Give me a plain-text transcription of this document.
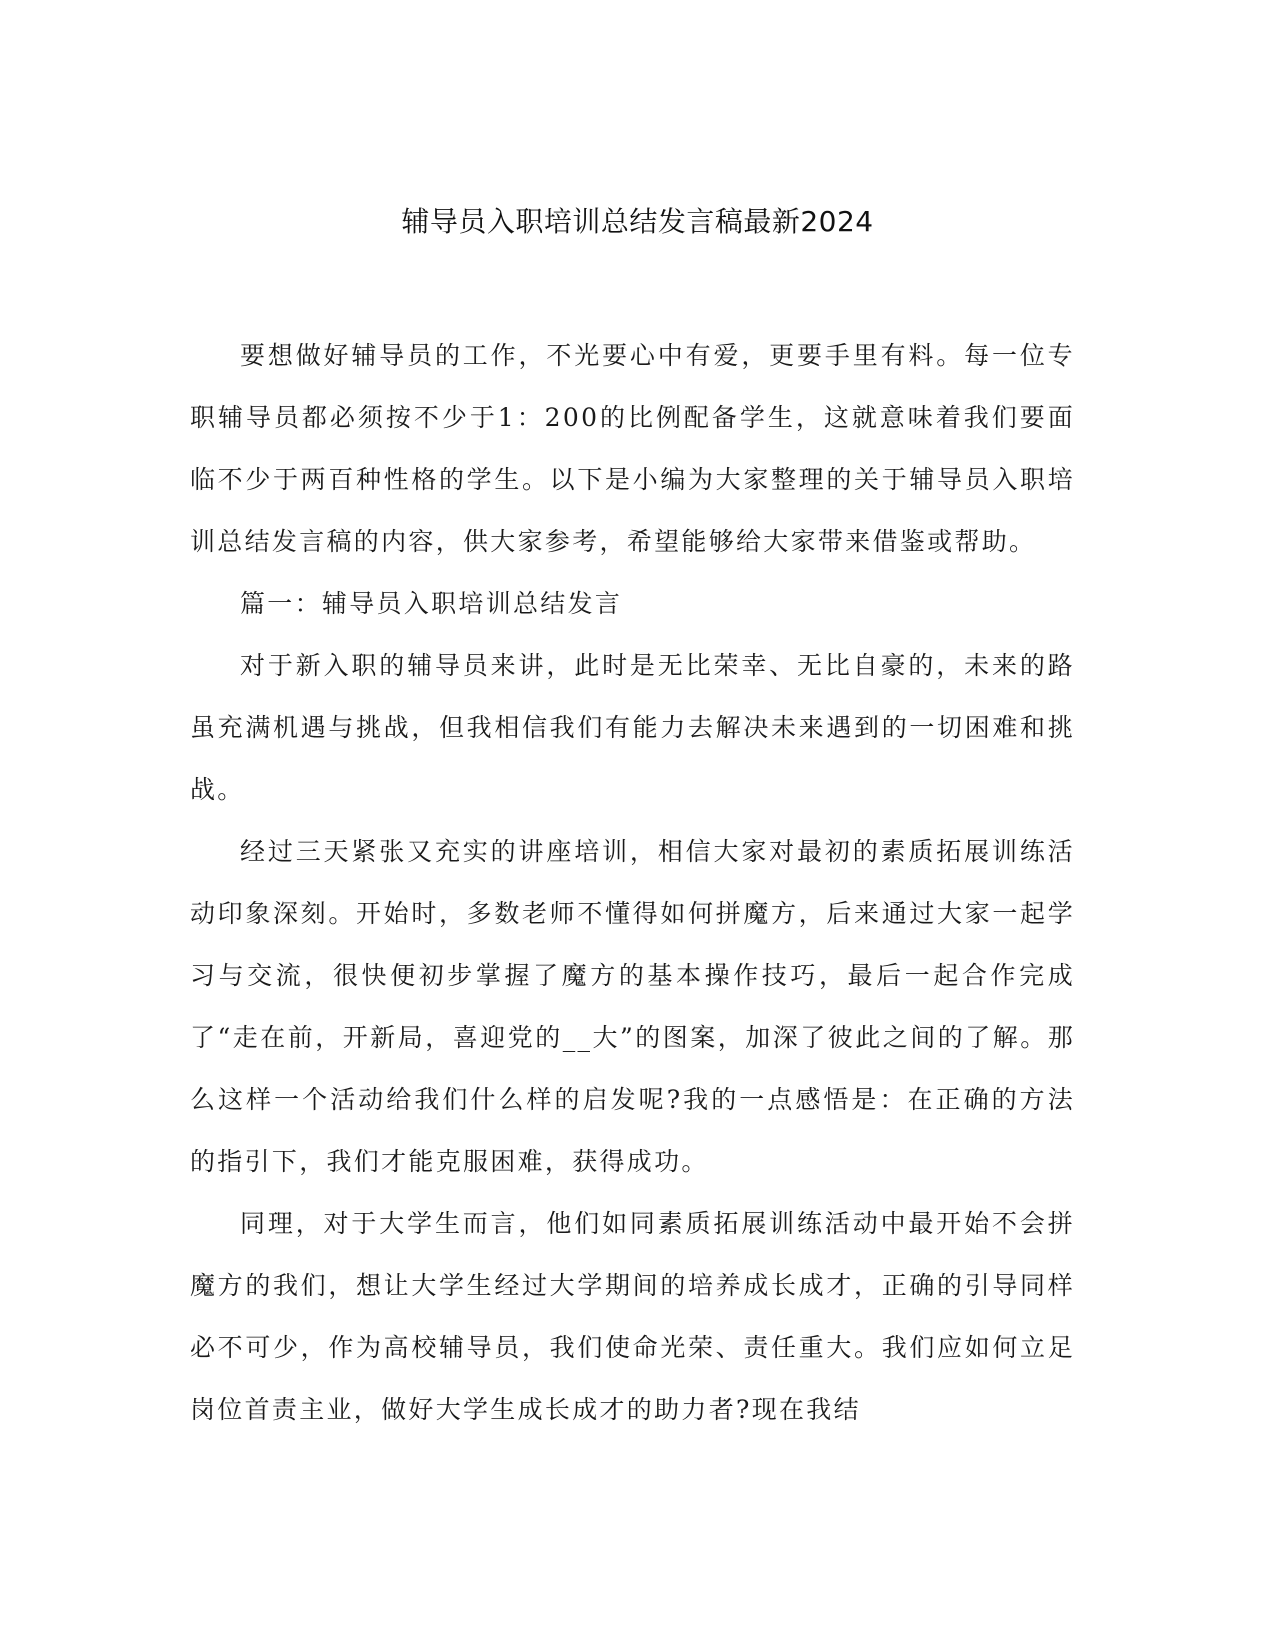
辅导员入职培训总结发言稿最新2024

要想做好辅导员的工作，不光要心中有爱，更要手里有料。每一位专职辅导员都必须按不少于1：200的比例配备学生，这就意味着我们要面临不少于两百种性格的学生。以下是小编为大家整理的关于辅导员入职培训总结发言稿的内容，供大家参考，希望能够给大家带来借鉴或帮助。

篇一：辅导员入职培训总结发言

对于新入职的辅导员来讲，此时是无比荣幸、无比自豪的，未来的路虽充满机遇与挑战，但我相信我们有能力去解决未来遇到的一切困难和挑战。

经过三天紧张又充实的讲座培训，相信大家对最初的素质拓展训练活动印象深刻。开始时，多数老师不懂得如何拼魔方，后来通过大家一起学习与交流，很快便初步掌握了魔方的基本操作技巧，最后一起合作完成了“走在前，开新局，喜迎党的__大”的图案，加深了彼此之间的了解。那么这样一个活动给我们什么样的启发呢?我的一点感悟是：在正确的方法的指引下，我们才能克服困难，获得成功。

同理，对于大学生而言，他们如同素质拓展训练活动中最开始不会拼魔方的我们，想让大学生经过大学期间的培养成长成才，正确的引导同样必不可少，作为高校辅导员，我们使命光荣、责任重大。我们应如何立足岗位首责主业，做好大学生成长成才的助力者?现在我结
